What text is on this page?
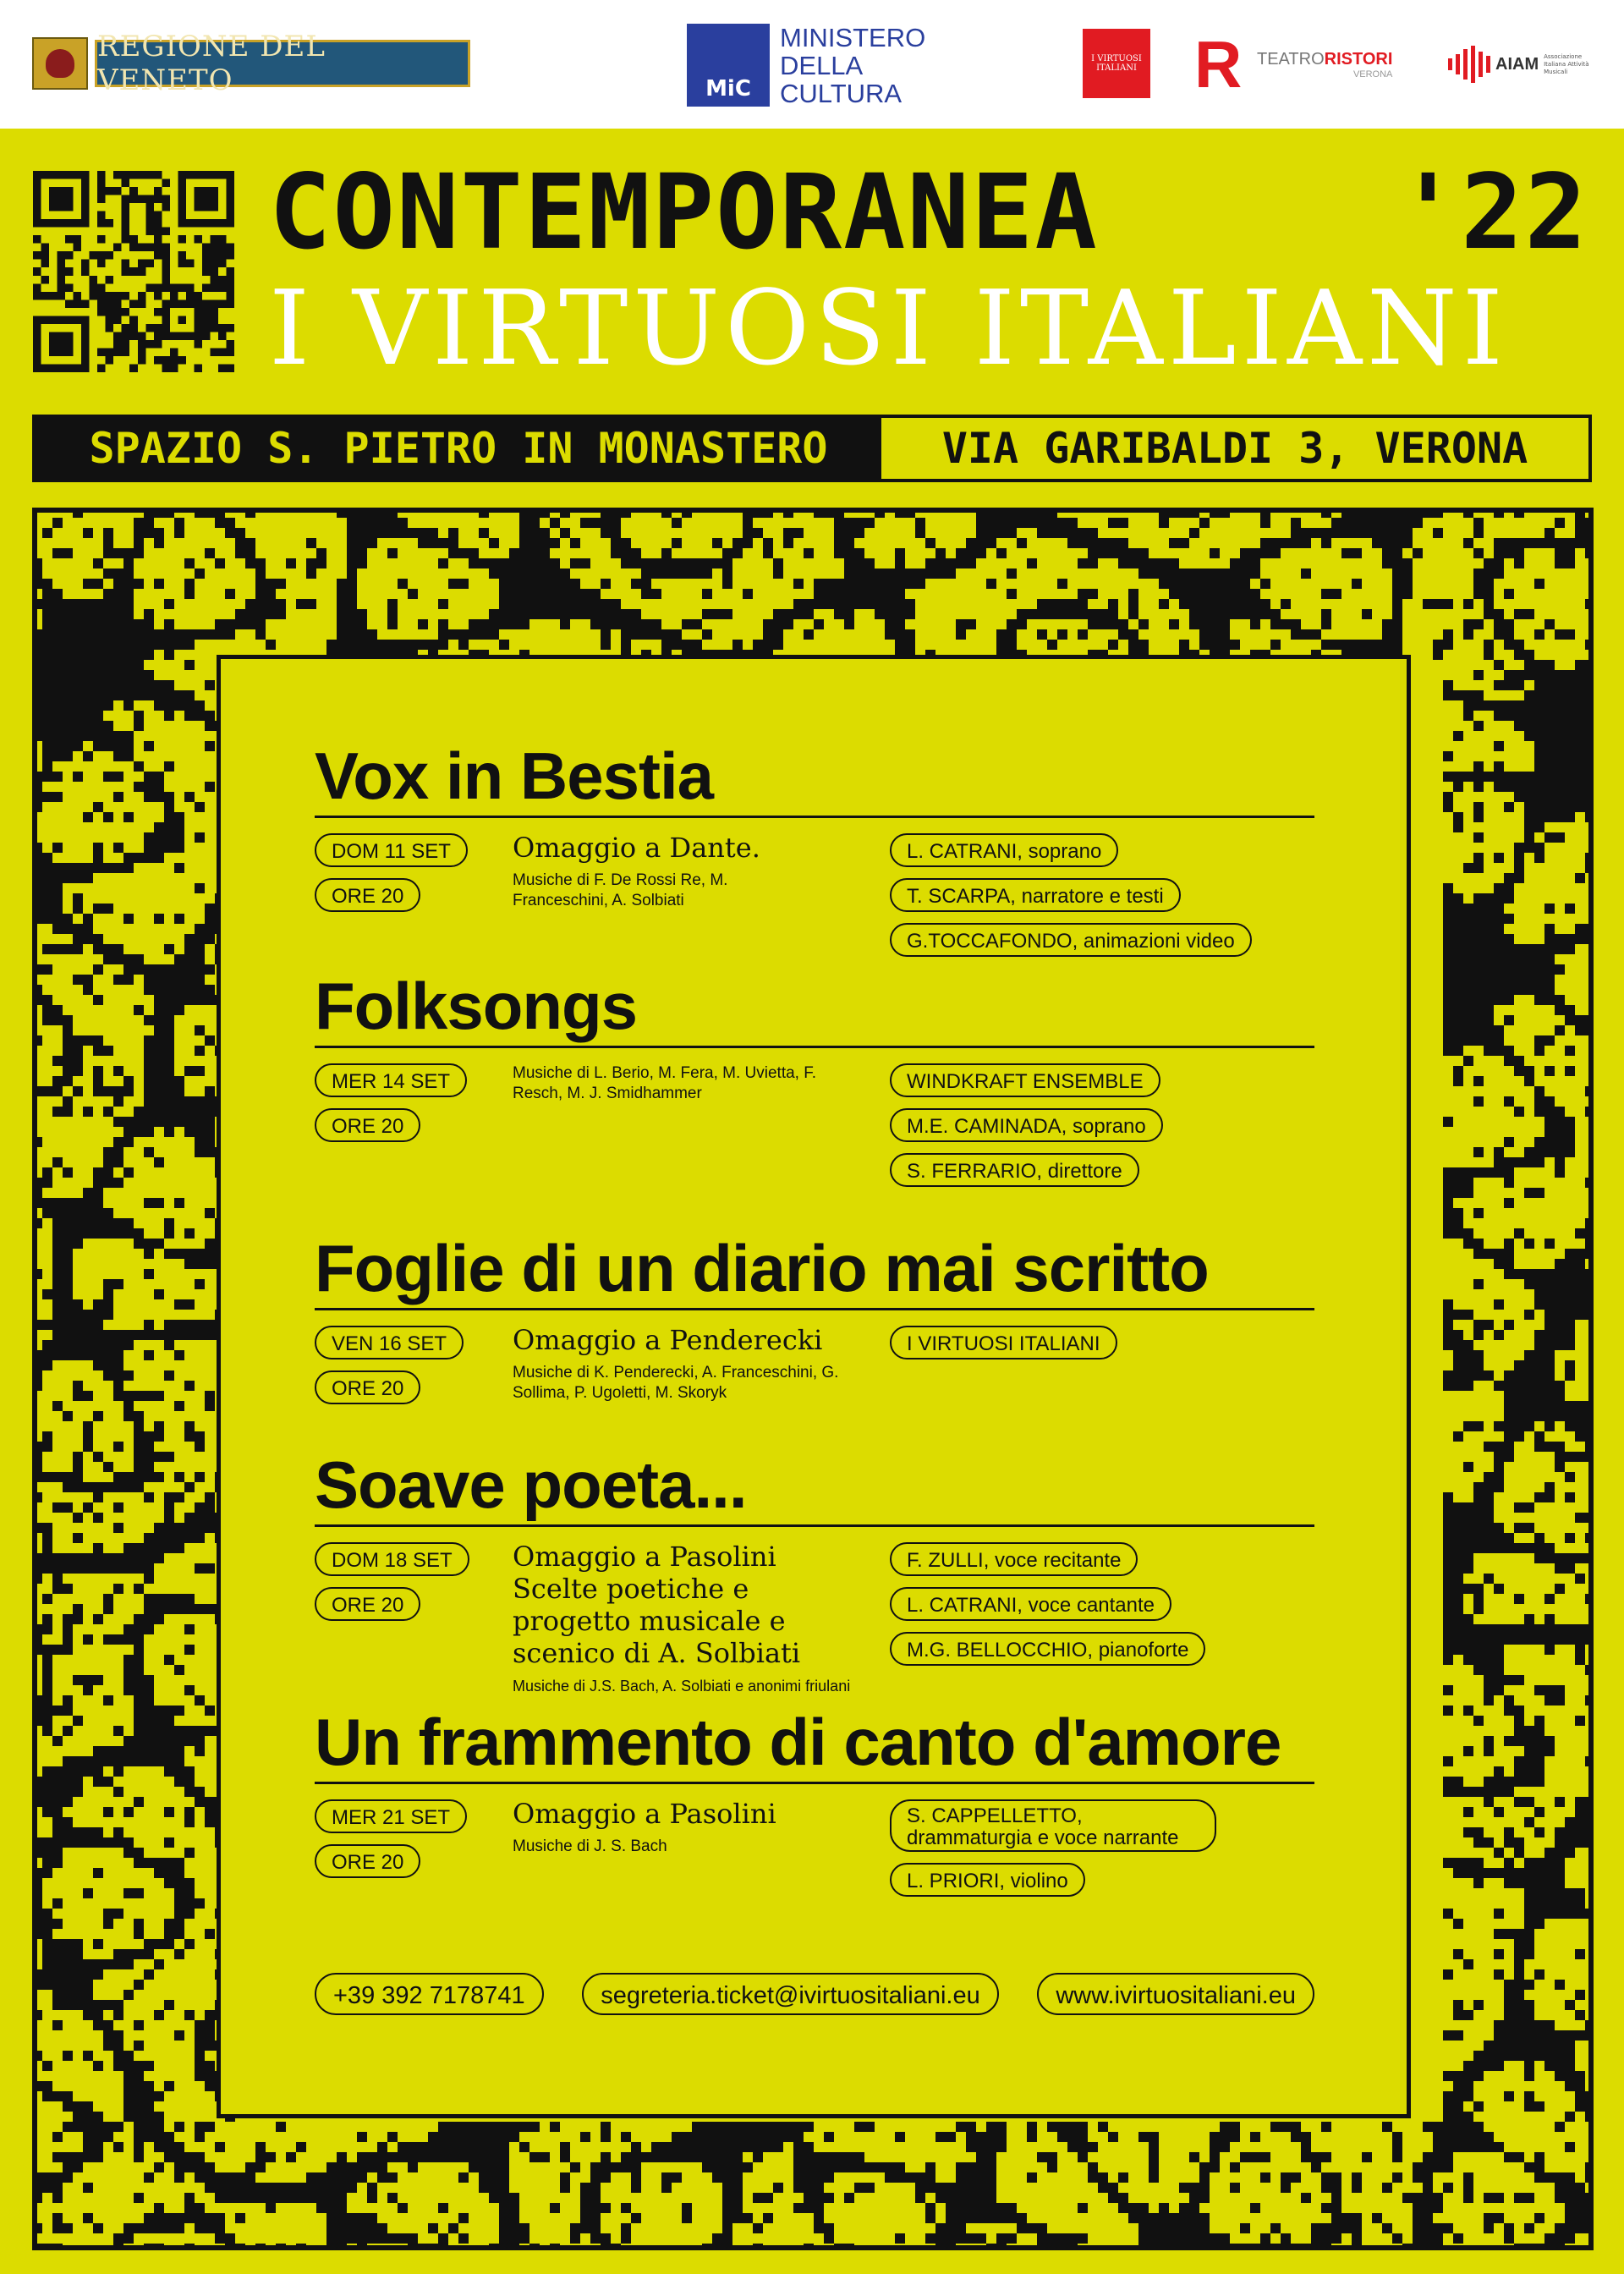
REGIONE DEL VENETO	MiC
MINISTERO
DELLA
CULTURA
I VIRTUOSI ITALIANI R TEATRORISTORI
VERONA
AIAM Associazione Italiana Attività Musicali
CONTEMPORANEA	'22
I VIRTUOSI ITALIANI
SPAZIO S. PIETRO IN MONASTERO	VIA GARIBALDI 3, VERONA
Vox in Bestia
DOM 11 SET
ORE 20
Omaggio a Dante.
Musiche di F. De Rossi Re, M. Franceschini, A. Solbiati
L. CATRANI, soprano
T. SCARPA, narratore e testi
G.TOCCAFONDO, animazioni video
Folksongs
MER 14 SET
ORE 20
Musiche di L. Berio, M. Fera, M. Uvietta, F. Resch, M. J. Smidhammer
WINDKRAFT ENSEMBLE
M.E. CAMINADA, soprano
S. FERRARIO, direttore
Foglie di un diario mai scritto
VEN 16 SET
ORE 20
Omaggio a Penderecki
Musiche di K. Penderecki, A. Franceschini, G. Sollima, P. Ugoletti, M. Skoryk
I VIRTUOSI ITALIANI
Soave poeta...
DOM 18 SET
ORE 20
Omaggio a Pasolini Scelte poetiche e progetto musicale e scenico di A. Solbiati
Musiche di J.S. Bach, A. Solbiati e anonimi friulani
F. ZULLI, voce recitante
L. CATRANI, voce cantante
M.G. BELLOCCHIO, pianoforte
Un frammento di canto d'amore
MER 21 SET
ORE 20
Omaggio a Pasolini
Musiche di J. S. Bach
S. CAPPELLETTO, drammaturgia e voce narrante
L. PRIORI, violino
+39 392 7178741	segreteria.ticket@ivirtuositaliani.eu	www.ivirtuositaliani.eu
